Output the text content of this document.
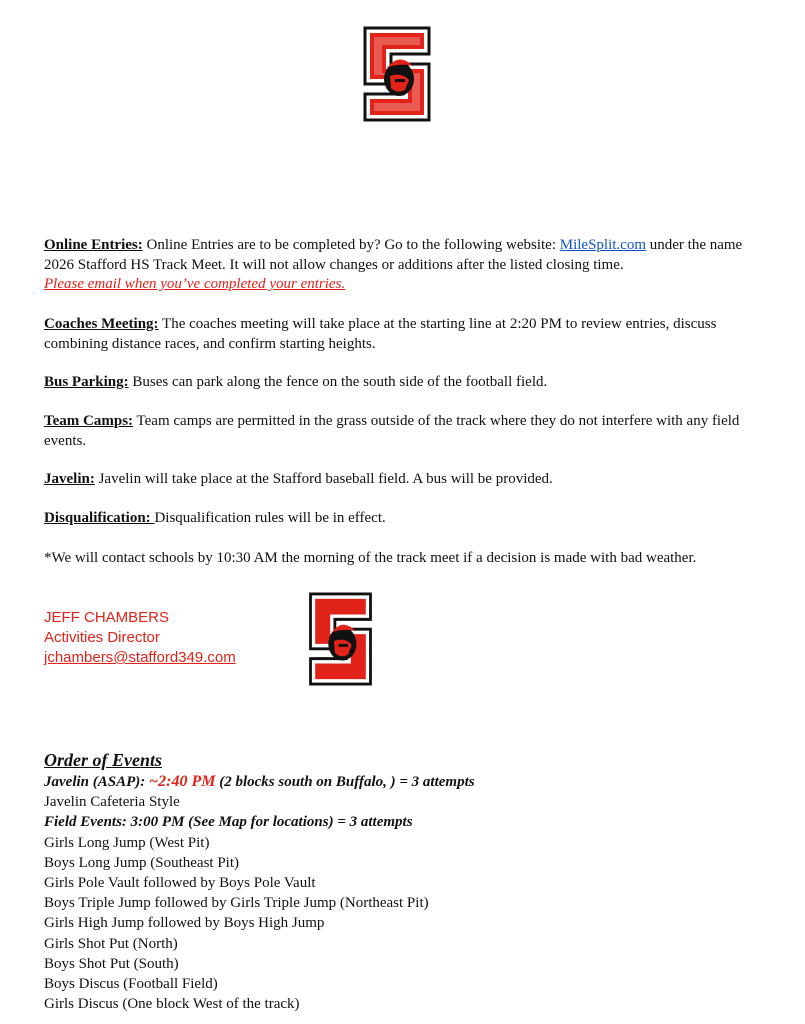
Online Entries: Online Entries are to be completed by? Go to the following website: MileSplit.com under the name 2026 Stafford HS Track Meet. It will not allow changes or additions after the listed closing time.
Please email when you’ve completed your entries.
Coaches Meeting: The coaches meeting will take place at the starting line at 2:20 PM to review entries, discuss combining distance races, and confirm starting heights.
Bus Parking: Buses can park along the fence on the south side of the football field.
Team Camps: Team camps are permitted in the grass outside of the track where they do not interfere with any field events.
Javelin: Javelin will take place at the Stafford baseball field. A bus will be provided.
Disqualification: Disqualification rules will be in effect.
*We will contact schools by 10:30 AM the morning of the track meet if a decision is made with bad weather.
JEFF CHAMBERS
Activities Director
jchambers@stafford349.com
Order of Events
Javelin (ASAP): ~2:40 PM (2 blocks south on Buffalo, ) = 3 attempts
Javelin Cafeteria Style
Field Events: 3:00 PM (See Map for locations) = 3 attempts
Girls Long Jump (West Pit)
Boys Long Jump (Southeast Pit)
Girls Pole Vault followed by Boys Pole Vault
Boys Triple Jump followed by Girls Triple Jump (Northeast Pit)
Girls High Jump followed by Boys High Jump
Girls Shot Put (North)
Boys Shot Put (South)
Boys Discus (Football Field)
Girls Discus (One block West of the track)
